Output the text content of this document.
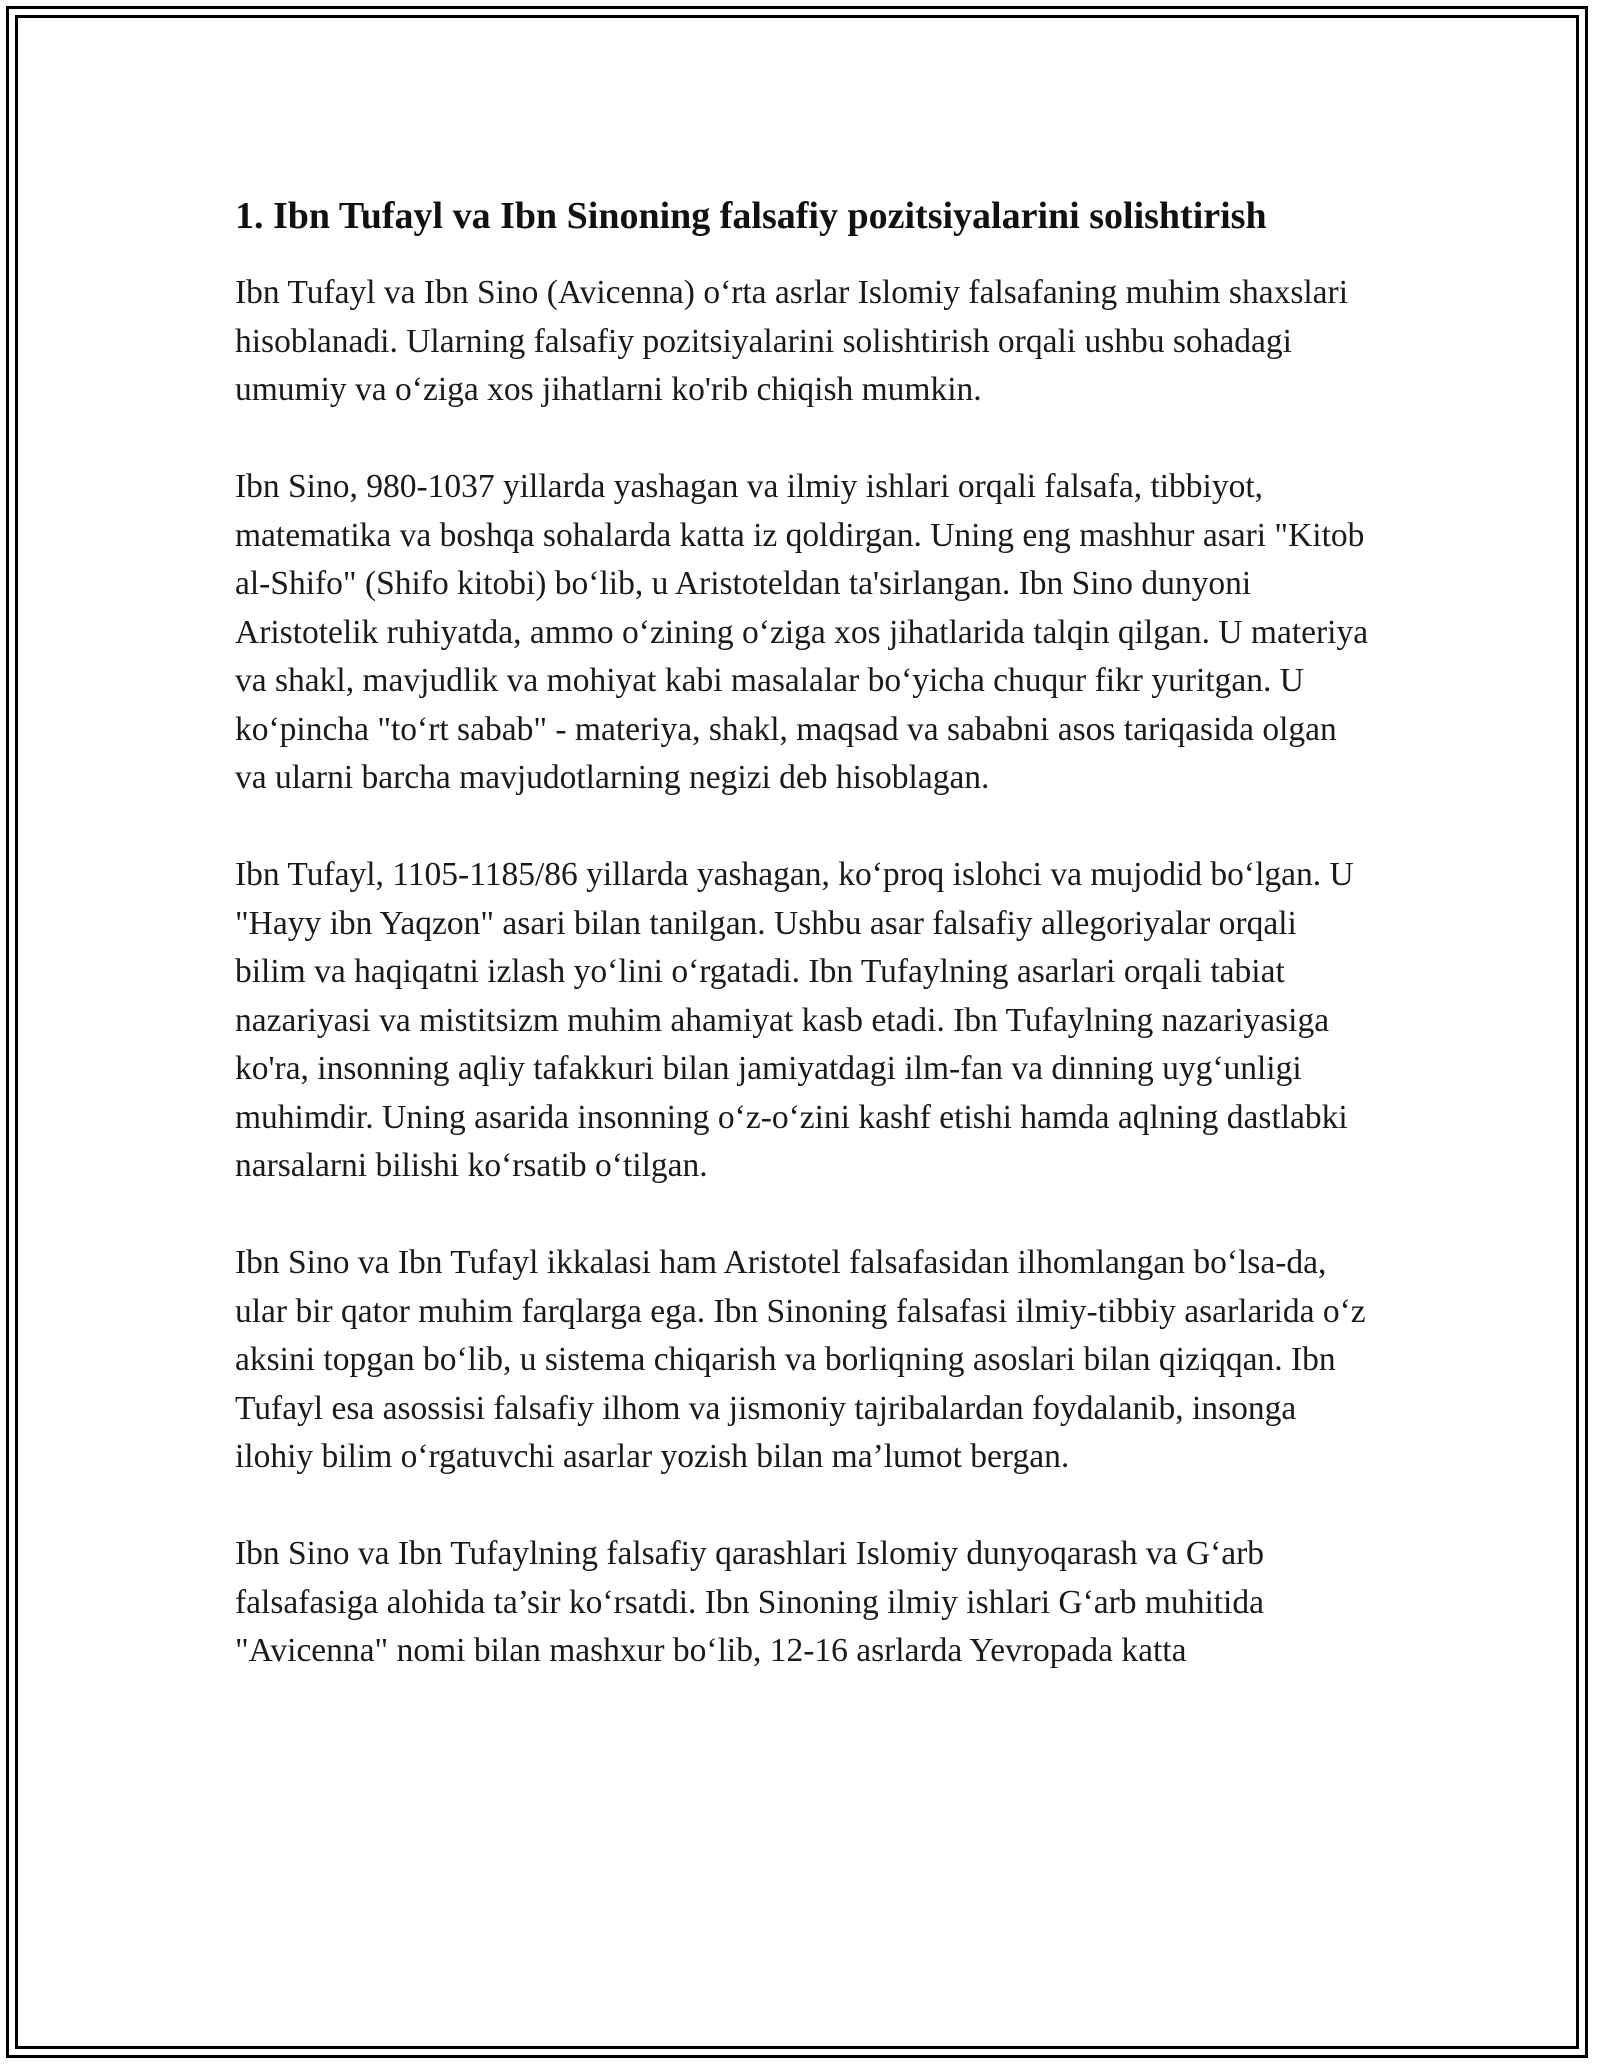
1. Ibn Tufayl va Ibn Sinoning falsafiy pozitsiyalarini solishtirish

Ibn Tufayl va Ibn Sino (Avicenna) o‘rta asrlar Islomiy falsafaning muhim shaxslari hisoblanadi. Ularning falsafiy pozitsiyalarini solishtirish orqali ushbu sohadagi umumiy va o‘ziga xos jihatlarni ko'rib chiqish mumkin.

Ibn Sino, 980-1037 yillarda yashagan va ilmiy ishlari orqali falsafa, tibbiyot, matematika va boshqa sohalarda katta iz qoldirgan. Uning eng mashhur asari "Kitob al-Shifo" (Shifo kitobi) bo‘lib, u Aristoteldan ta'sirlangan. Ibn Sino dunyoni Aristotelik ruhiyatda, ammo o‘zining o‘ziga xos jihatlarida talqin qilgan. U materiya va shakl, mavjudlik va mohiyat kabi masalalar bo‘yicha chuqur fikr yuritgan. U ko‘pincha "to‘rt sabab" - materiya, shakl, maqsad va sababni asos tariqasida olgan va ularni barcha mavjudotlarning negizi deb hisoblagan.

Ibn Tufayl, 1105-1185/86 yillarda yashagan, ko‘proq islohci va mujodid bo‘lgan. U "Hayy ibn Yaqzon" asari bilan tanilgan. Ushbu asar falsafiy allegoriyalar orqali bilim va haqiqatni izlash yo‘lini o‘rgatadi. Ibn Tufaylning asarlari orqali tabiat nazariyasi va mistitsizm muhim ahamiyat kasb etadi. Ibn Tufaylning nazariyasiga ko'ra, insonning aqliy tafakkuri bilan jamiyatdagi ilm-fan va dinning uyg‘unligi muhimdir. Uning asarida insonning o‘z-o‘zini kashf etishi hamda aqlning dastlabki narsalarni bilishi ko‘rsatib o‘tilgan.

Ibn Sino va Ibn Tufayl ikkalasi ham Aristotel falsafasidan ilhomlangan bo‘lsa-da, ular bir qator muhim farqlarga ega. Ibn Sinoning falsafasi ilmiy-tibbiy asarlarida o‘z aksini topgan bo‘lib, u sistema chiqarish va borliqning asoslari bilan qiziqqan. Ibn Tufayl esa asossisi falsafiy ilhom va jismoniy tajribalardan foydalanib, insonga ilohiy bilim o‘rgatuvchi asarlar yozish bilan ma’lumot bergan.

Ibn Sino va Ibn Tufaylning falsafiy qarashlari Islomiy dunyoqarash va G‘arb falsafasiga alohida ta’sir ko‘rsatdi. Ibn Sinoning ilmiy ishlari G‘arb muhitida "Avicenna" nomi bilan mashxur bo‘lib, 12-16 asrlarda Yevropada katta
